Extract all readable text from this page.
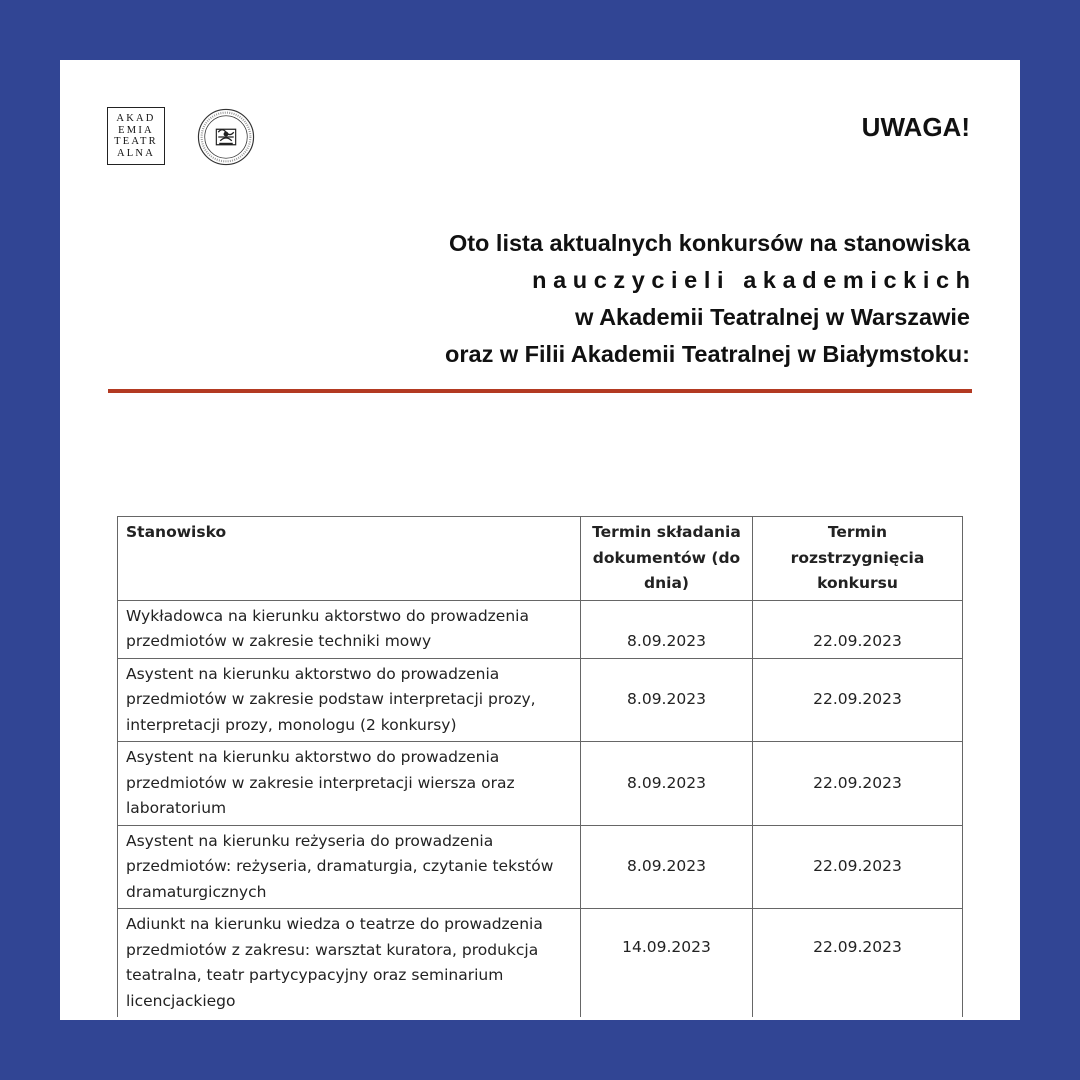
AKAD
EMIA
TEATR
ALNA
UWAGA!
Oto lista aktualnych konkursów na stanowiska
nauczycieli akademickich
w Akademii Teatralnej w Warszawie
oraz w Filii Akademii Teatralnej w Białymstoku:
Stanowisko	Termin składania dokumentów (do dnia)	Termin rozstrzygnięcia konkursu
Wykładowca na kierunku aktorstwo do prowadzenia przedmiotów w zakresie techniki mowy	8.09.2023	22.09.2023
Asystent na kierunku aktorstwo do prowadzenia przedmiotów w zakresie podstaw interpretacji prozy, interpretacji prozy, monologu (2 konkursy)	8.09.2023	22.09.2023
Asystent na kierunku aktorstwo do prowadzenia przedmiotów w zakresie interpretacji wiersza oraz laboratorium	8.09.2023	22.09.2023
Asystent na kierunku reżyseria do prowadzenia przedmiotów: reżyseria, dramaturgia, czytanie tekstów dramaturgicznych	8.09.2023	22.09.2023
Adiunkt na kierunku wiedza o teatrze do prowadzenia przedmiotów z zakresu: warsztat kuratora, produkcja teatralna, teatr partycypacyjny oraz seminarium licencjackiego	14.09.2023	22.09.2023
